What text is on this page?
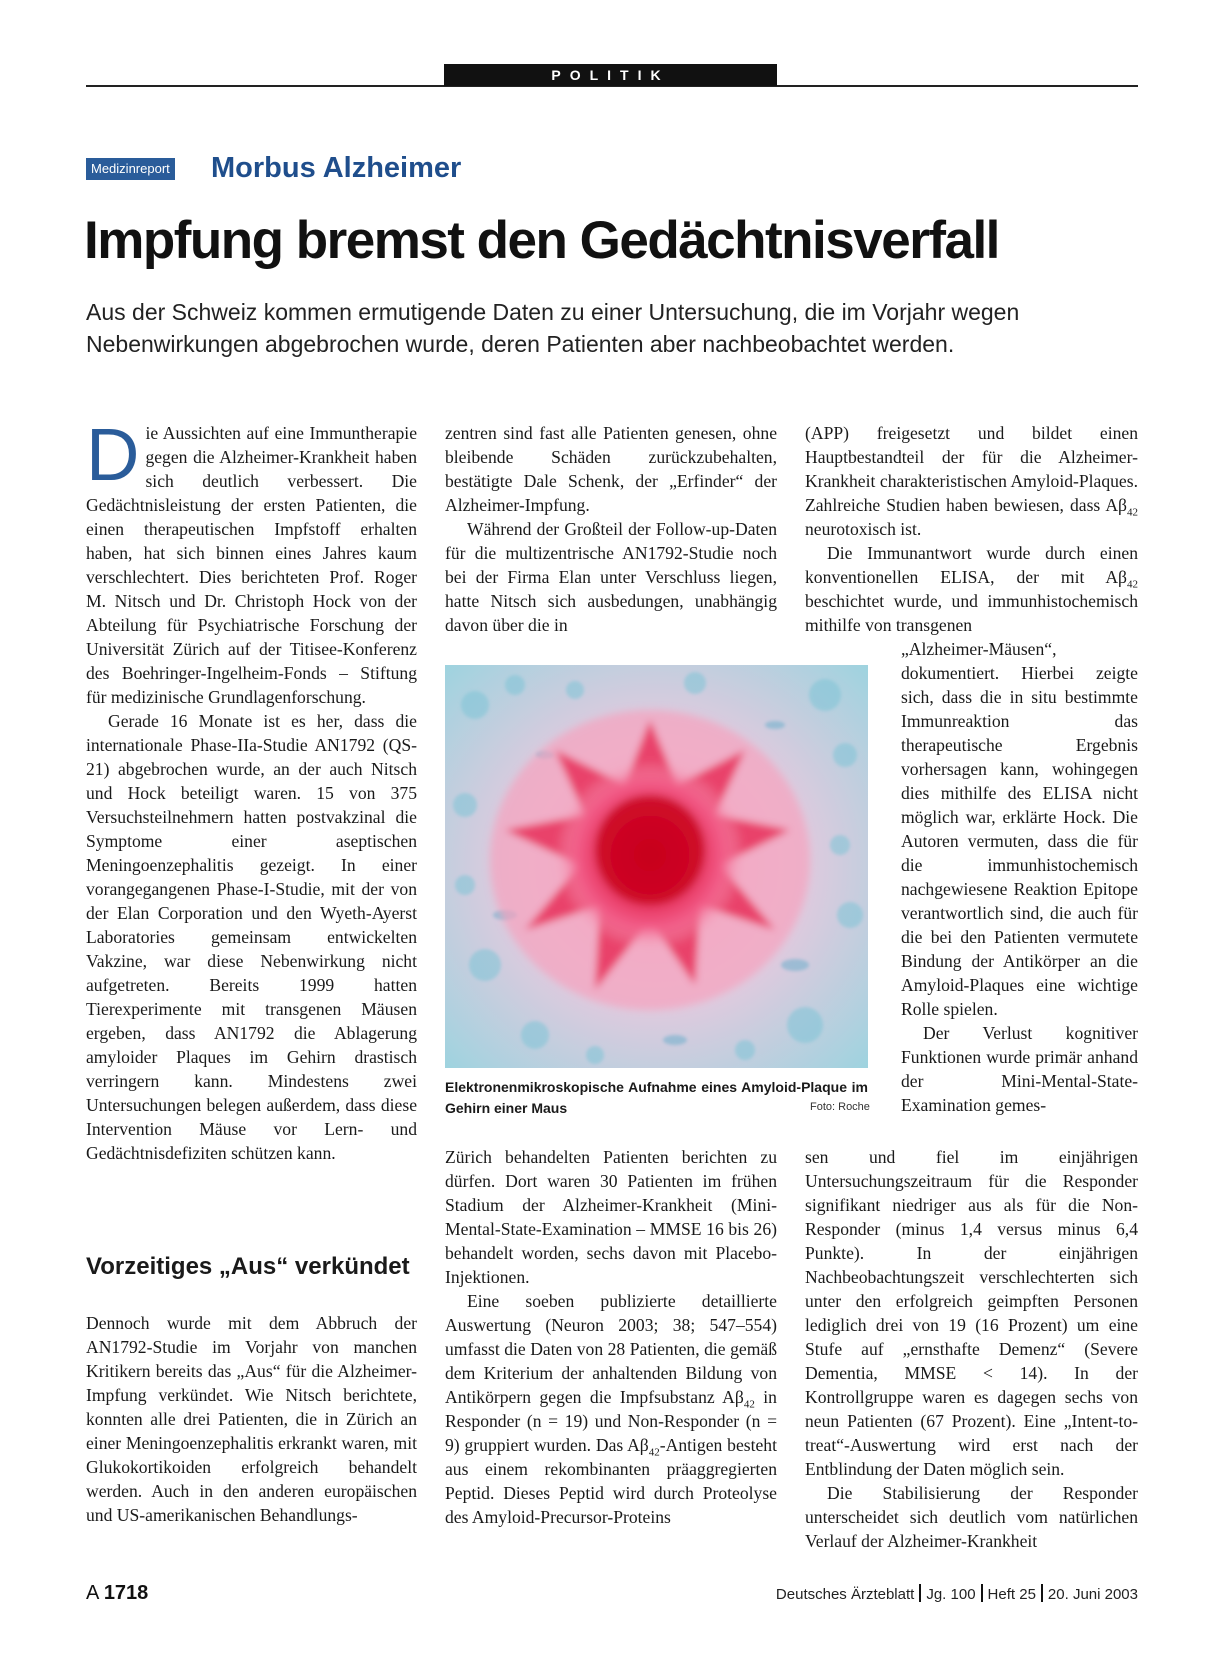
POLITIK
Medizinreport Morbus Alzheimer
Impfung bremst den Gedächtnisverfall
Aus der Schweiz kommen ermutigende Daten zu einer Untersuchung, die im Vorjahr wegen Nebenwirkungen abgebrochen wurde, deren Patienten aber nachbeobachtet werden.
D ie Aussichten auf eine Immuntherapie gegen die Alzheimer-Krankheit haben sich deutlich verbessert. Die Gedächtnisleistung der ersten Patienten, die einen therapeutischen Impfstoff erhalten haben, hat sich binnen eines Jahres kaum verschlechtert. Dies berichteten Prof. Roger M. Nitsch und Dr. Christoph Hock von der Abteilung für Psychiatrische Forschung der Universität Zürich auf der Titisee-Konferenz des Boehringer-Ingelheim-Fonds – Stiftung für medizinische Grundlagenforschung.

Gerade 16 Monate ist es her, dass die internationale Phase-IIa-Studie AN1792 (QS-21) abgebrochen wurde, an der auch Nitsch und Hock beteiligt waren. 15 von 375 Versuchsteilnehmern hatten postvakzinal die Symptome einer aseptischen Meningoenzephalitis gezeigt. In einer vorangegangenen Phase-I-Studie, mit der von der Elan Corporation und den Wyeth-Ayerst Laboratories gemeinsam entwickelten Vakzine, war diese Nebenwirkung nicht aufgetreten. Bereits 1999 hatten Tierexperimente mit transgenen Mäusen ergeben, dass AN1792 die Ablagerung amyloider Plaques im Gehirn drastisch verringern kann. Mindestens zwei Untersuchungen belegen außerdem, dass diese Intervention Mäuse vor Lern- und Gedächtnisdefiziten schützen kann.

Vorzeitiges „Aus“ verkündet

Dennoch wurde mit dem Abbruch der AN1792-Studie im Vorjahr von manchen Kritikern bereits das „Aus“ für die Alzheimer-Impfung verkündet. Wie Nitsch berichtete, konnten alle drei Patienten, die in Zürich an einer Meningoenzephalitis erkrankt waren, mit Glukokortikoiden erfolgreich behandelt werden. Auch in den anderen europäischen und US-amerikanischen Behandlungs-

zentren sind fast alle Patienten genesen, ohne bleibende Schäden zurückzubehalten, bestätigte Dale Schenk, der „Erfinder“ der Alzheimer-Impfung.

Während der Großteil der Follow-up-Daten für die multizentrische AN1792-Studie noch bei der Firma Elan unter Verschluss liegen, hatte Nitsch sich ausbedungen, unabhängig davon über die in

Elektronenmikroskopische Aufnahme eines Amyloid-Plaque im Gehirn einer Maus	Foto: Roche

Zürich behandelten Patienten berichten zu dürfen. Dort waren 30 Patienten im frühen Stadium der Alzheimer-Krankheit (Mini-Mental-State-Examination – MMSE 16 bis 26) behandelt worden, sechs davon mit Placebo-Injektionen.

Eine soeben publizierte detaillierte Auswertung (Neuron 2003; 38; 547–554) umfasst die Daten von 28 Patienten, die gemäß dem Kriterium der anhaltenden Bildung von Antikörpern gegen die Impfsubstanz $A\beta_{42}$ in Responder (n = 19) und Non-Responder (n = 9) gruppiert wurden. Das $A\beta_{42}$-Antigen besteht aus einem rekombinanten präaggregierten Peptid. Dieses Peptid wird durch Proteolyse des Amyloid-Precursor-Proteins

(APP) freigesetzt und bildet einen Hauptbestandteil der für die Alzheimer-Krankheit charakteristischen Amyloid-Plaques. Zahlreiche Studien haben bewiesen, dass $A\beta_{42}$ neurotoxisch ist.

Die Immunantwort wurde durch einen konventionellen ELISA, der mit $A\beta_{42}$ beschichtet wurde, und immunhistochemisch mithilfe von transgenen

„Alzheimer-Mäusen“, dokumentiert. Hierbei zeigte sich, dass die in situ bestimmte Immunreaktion das therapeutische Ergebnis vorhersagen kann, wohingegen dies mithilfe des ELISA nicht möglich war, erklärte Hock. Die Autoren vermuten, dass die für die immunhistochemisch nachgewiesene Reaktion Epitope verantwortlich sind, die auch für die bei den Patienten vermutete Bindung der Antikörper an die Amyloid-Plaques eine wichtige Rolle spielen.

Der Verlust kognitiver Funktionen wurde primär anhand der Mini-Mental-State-Examination gemes-

sen und fiel im einjährigen Untersuchungszeitraum für die Responder signifikant niedriger aus als für die Non-Responder (minus 1,4 versus minus 6,4 Punkte). In der einjährigen Nachbeobachtungszeit verschlechterten sich unter den erfolgreich geimpften Personen lediglich drei von 19 (16 Prozent) um eine Stufe auf „ernsthafte Demenz“ (Severe Dementia, MMSE < 14). In der Kontrollgruppe waren es dagegen sechs von neun Patienten (67 Prozent). Eine „Intent-to-treat“-Auswertung wird erst nach der Entblindung der Daten möglich sein.

Die Stabilisierung der Responder unterscheidet sich deutlich vom natürlichen Verlauf der Alzheimer-Krankheit

A 1718	Deutsches Ärzteblatt Jg. 100 Heft 25 20. Juni 2003
